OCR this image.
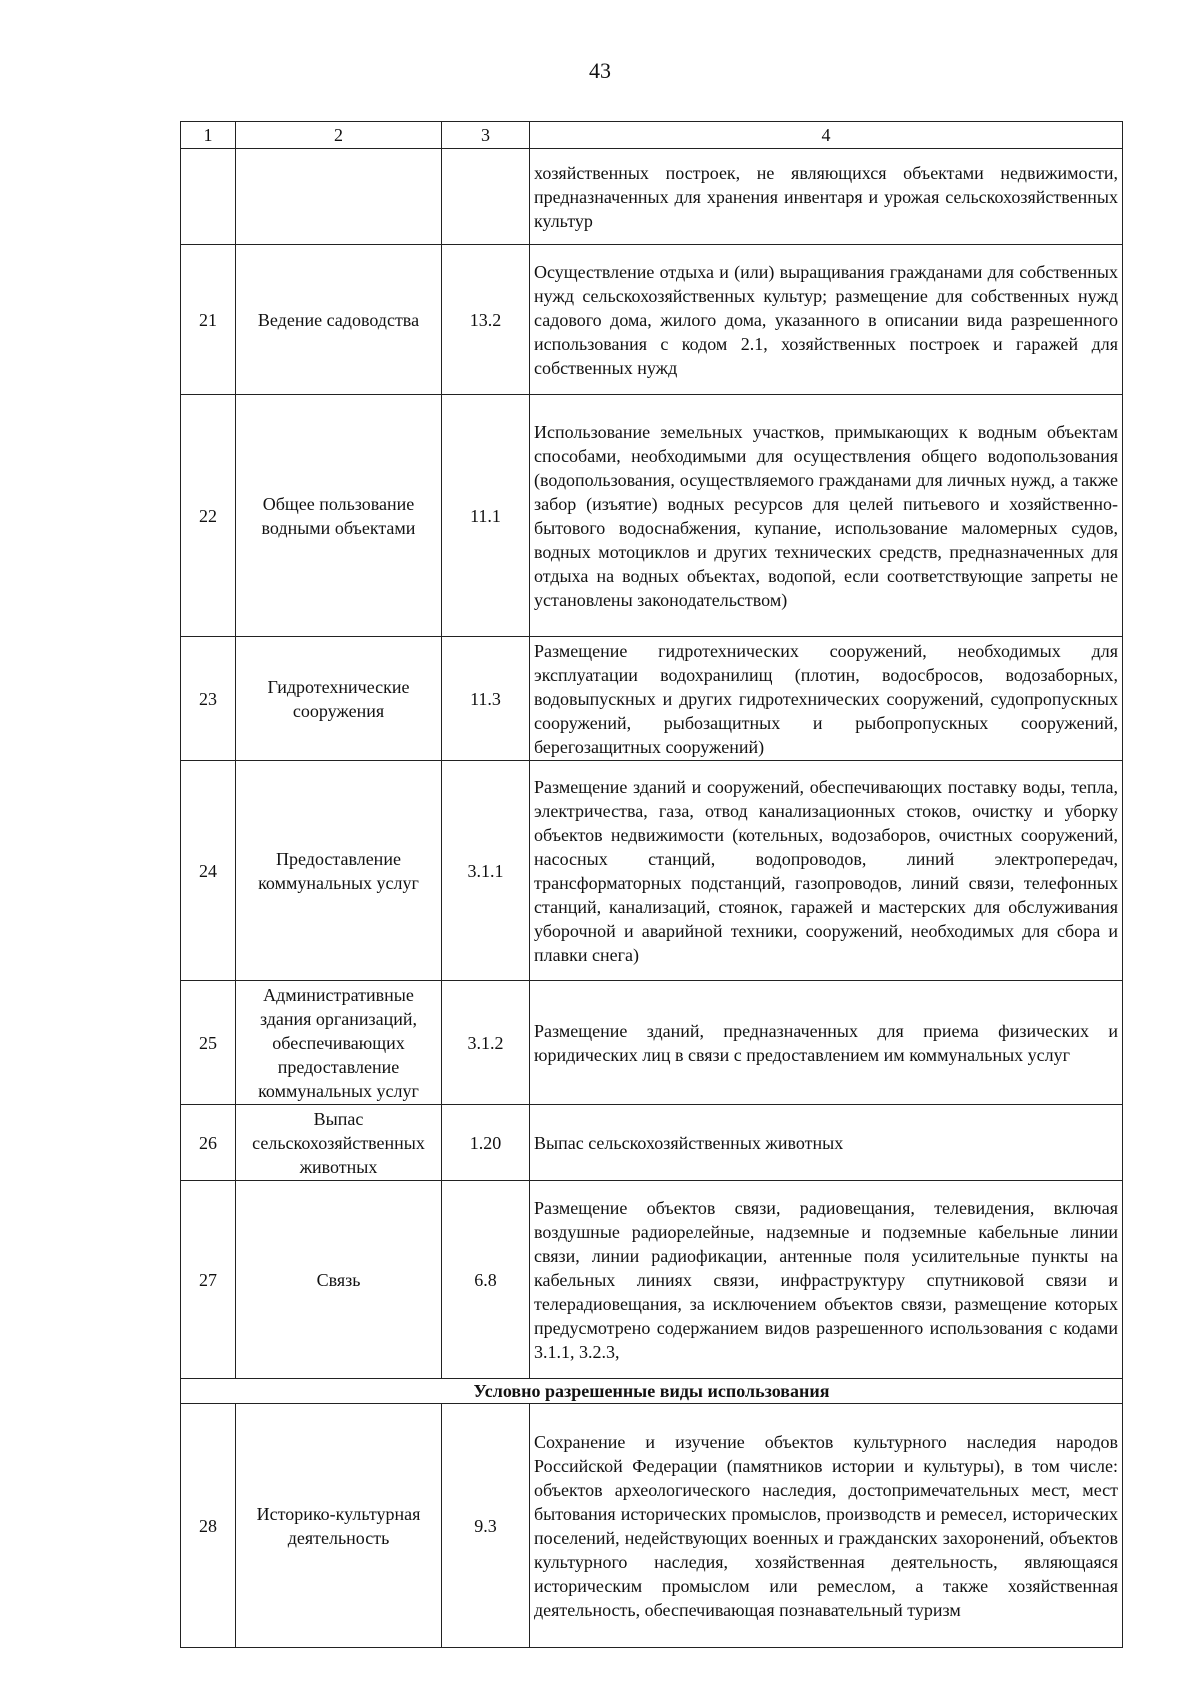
43
1	2	3	4
			хозяйственных построек, не являющихся объектами недвижимости, предназначенных для хранения инвентаря и урожая сельскохозяйственных культур
21	Ведение садоводства	13.2	Осуществление отдыха и (или) выращивания гражданами для собственных нужд сельскохозяйственных культур; размещение для собственных нужд садового дома, жилого дома, указанного в описании вида разрешенного использования с кодом 2.1, хозяйственных построек и гаражей для собственных нужд
22	Общее пользование водными объектами	11.1	Использование земельных участков, примыкающих к водным объектам способами, необходимыми для осуществления общего водопользования (водопользования, осуществляемого гражданами для личных нужд, а также забор (изъятие) водных ресурсов для целей питьевого и хозяйственно-бытового водоснабжения, купание, использование маломерных судов, водных мотоциклов и других технических средств, предназначенных для отдыха на водных объектах, водопой, если соответствующие запреты не установлены законодательством)
23	Гидротехнические сооружения	11.3	Размещение гидротехнических сооружений, необходимых для эксплуатации водохранилищ (плотин, водосбросов, водозаборных, водовыпускных и других гидротехнических сооружений, судопропускных сооружений, рыбозащитных и рыбопропускных сооружений, берегозащитных сооружений)
24	Предоставление коммунальных услуг	3.1.1	Размещение зданий и сооружений, обеспечивающих поставку воды, тепла, электричества, газа, отвод канализационных стоков, очистку и уборку объектов недвижимости (котельных, водозаборов, очистных сооружений, насосных станций, водопроводов, линий электропередач, трансформаторных подстанций, газопроводов, линий связи, телефонных станций, канализаций, стоянок, гаражей и мастерских для обслуживания уборочной и аварийной техники, сооружений, необходимых для сбора и плавки снега)
25	Административные здания организаций, обеспечивающих предоставление коммунальных услуг	3.1.2	Размещение зданий, предназначенных для приема физических и юридических лиц в связи с предоставлением им коммунальных услуг
26	Выпас сельскохозяйственных животных	1.20	Выпас сельскохозяйственных животных
27	Связь	6.8	Размещение объектов связи, радиовещания, телевидения, включая воздушные радиорелейные, надземные и подземные кабельные линии связи, линии радиофикации, антенные поля усилительные пункты на кабельных линиях связи, инфраструктуру спутниковой связи и телерадиовещания, за исключением объектов связи, размещение которых предусмотрено содержанием видов разрешенного использования с кодами 3.1.1, 3.2.3,
Условно разрешенные виды использования			
28	Историко-культурная деятельность	9.3	Сохранение и изучение объектов культурного наследия народов Российской Федерации (памятников истории и культуры), в том числе: объектов археологического наследия, достопримечательных мест, мест бытования исторических промыслов, производств и ремесел, исторических поселений, недействующих военных и гражданских захоронений, объектов культурного наследия, хозяйственная деятельность, являющаяся историческим промыслом или ремеслом, а также хозяйственная деятельность, обеспечивающая познавательный туризм
